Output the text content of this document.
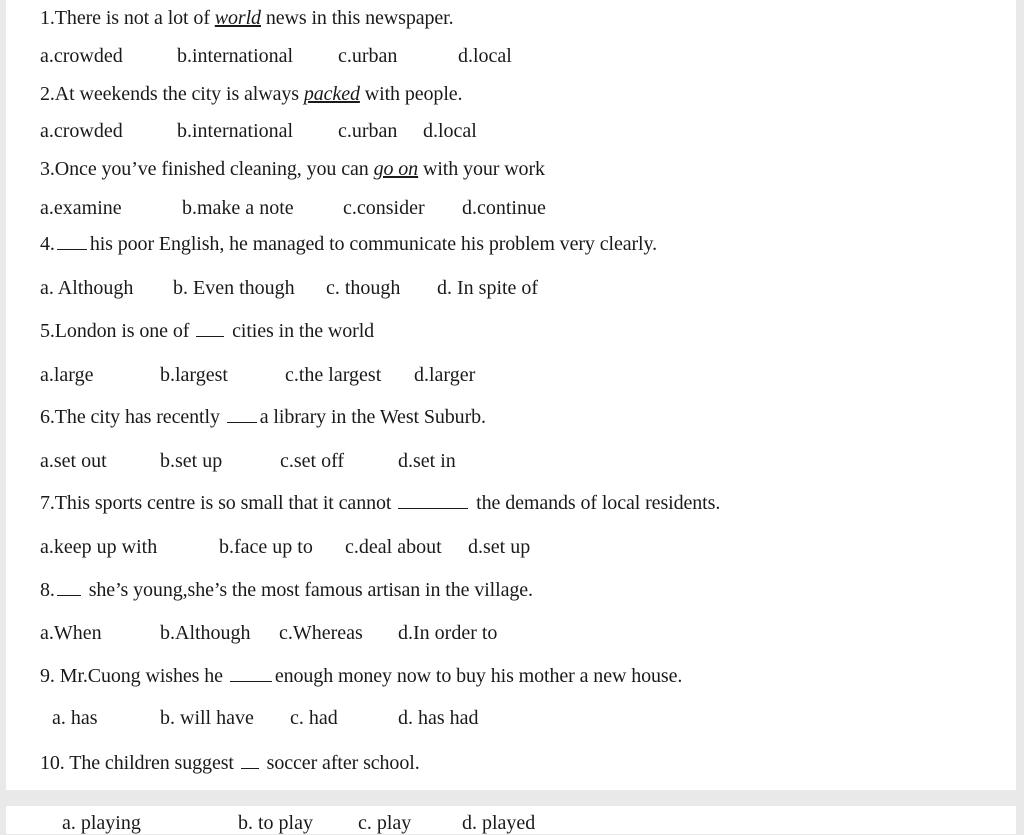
1.There is not a lot of world news in this newspaper.
a.crowded	b.international c.urban	d.local
2.At weekends the city is always packed with people.
a.crowded	b.international c.urban d.local
3.Once you’ve finished cleaning, you can go on with your work
a.examine	b.make a note c.consider d.continue
4. his poor English, he managed to communicate his problem very clearly.
a. Although b. Even though c. though d. In spite of
5.London is one of  cities in the world
a.large	b.largest	c.the largest d.larger
6.The city has recently a library in the West Suburb.
a.set out	b.set up	c.set off	d.set in
7.This sports centre is so small that it cannot	the demands of local residents.
a.keep up with	b.face up to c.deal about d.set up
8. she’s young,she’s the most famous artisan in the village.
a.When	b.Although c.Whereas d.In order to
9. Mr.Cuong wishes he enough money now to buy his mother a new house.
a. has	b. will have c. had	d. has had
10. The children suggest  soccer after school.
a. playing	b. to play c. play	d. played
